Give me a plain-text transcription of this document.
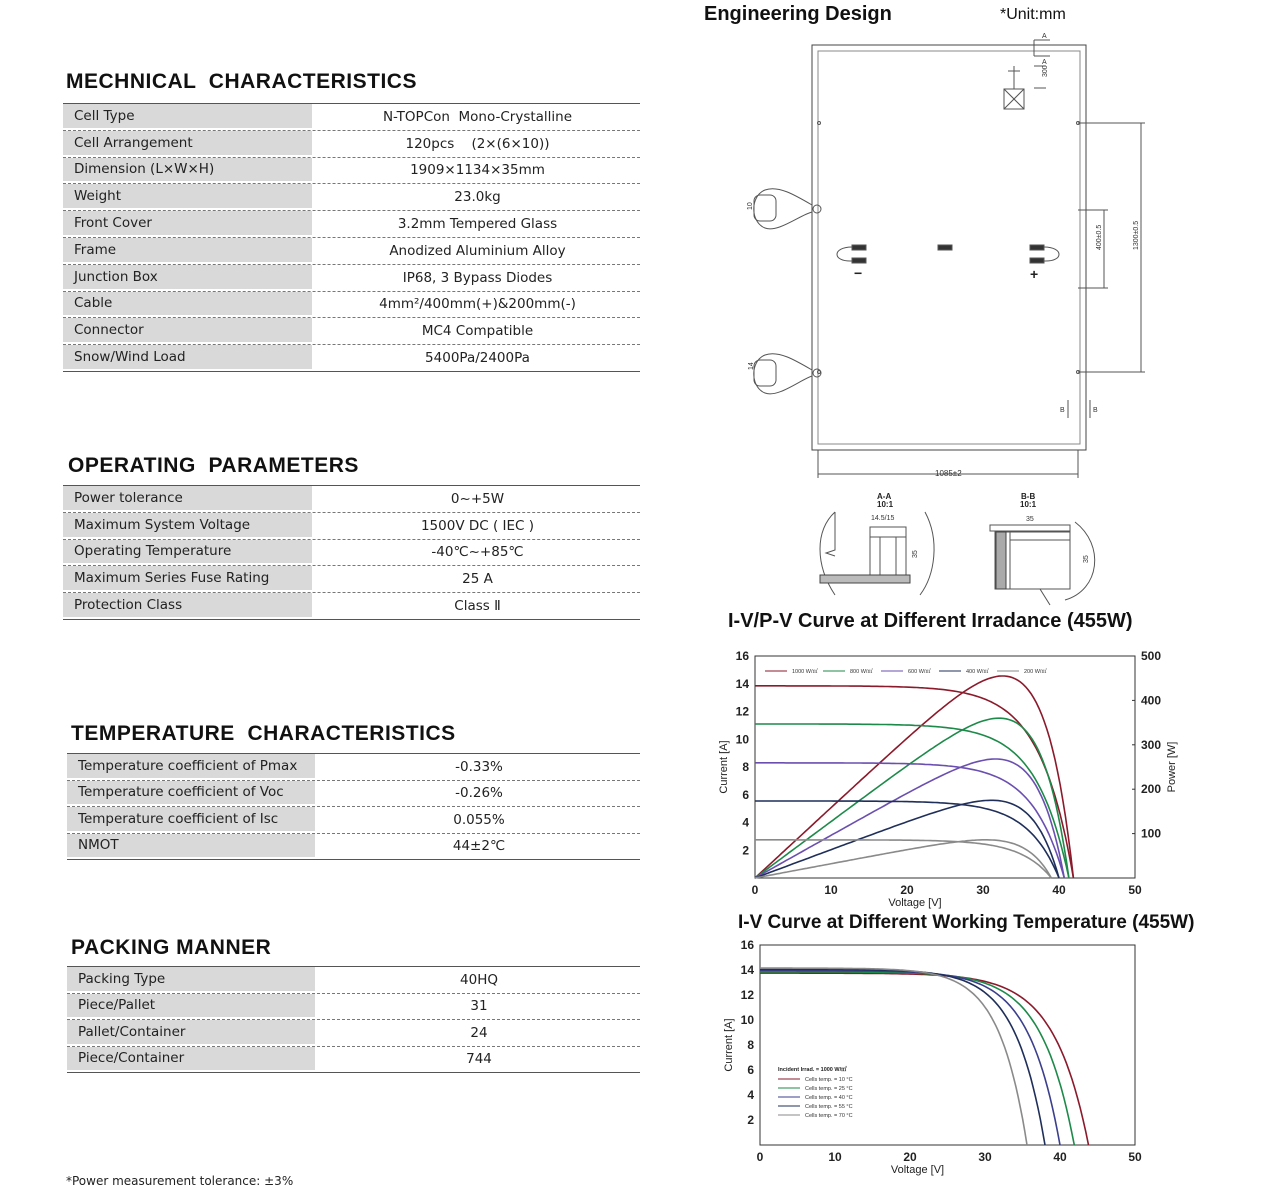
MECHNICAL  CHARACTERISTICS
Cell Type	N-TOPCon  Mono-Crystalline
Cell Arrangement	120pcs    (2×(6×10))
Dimension (L×W×H)	1909×1134×35mm
Weight	23.0kg
Front Cover	3.2mm Tempered Glass
Frame	Anodized Aluminium Alloy
Junction Box	IP68, 3 Bypass Diodes
Cable	4mm²/400mm(+)&200mm(-)
Connector	MC4 Compatible
Snow/Wind Load	5400Pa/2400Pa
OPERATING  PARAMETERS
Power tolerance	0~+5W
Maximum System Voltage	1500V DC ( IEC )
Operating Temperature	-40℃~+85℃
Maximum Series Fuse Rating	25 A
Protection Class	Class Ⅱ
TEMPERATURE  CHARACTERISTICS
Temperature coefficient of Pmax	-0.33%
Temperature coefficient of Voc	-0.26%
Temperature coefficient of Isc	0.055%
NMOT	44±2℃
PACKING MANNER
Packing Type	40HQ
Piece/Pallet	31
Pallet/Container	24
Piece/Container	744
*Power measurement tolerance: ±3%
Engineering Design	*Unit:mm
A
A
300
1300±0.5
400±0.5
10
14
−	+
B	B
1085±2
A-A
10:1
14.5/15
35
B-B
10:1
35
35
I-V/P-V Curve at Different Irradance (455W)
0	10	20	30	40	50
2
4
6
8
10
12
14
16
Voltage [V]
Current [A]
100
200
300
400
500
Power [W]
1000 W/㎡	800 W/㎡	600 W/㎡	400 W/㎡	200 W/㎡
I-V Curve at Different Working Temperature (455W)
0	10	20	30	40	50
2
4
6
8
10
12
14
16
Voltage [V]
Current [A]	Incident Irrad. = 1000 W/㎡
Cells temp. = 10 °C
Cells temp. = 25 °C
Cells temp. = 40 °C
Cells temp. = 55 °C
Cells temp. = 70 °C
